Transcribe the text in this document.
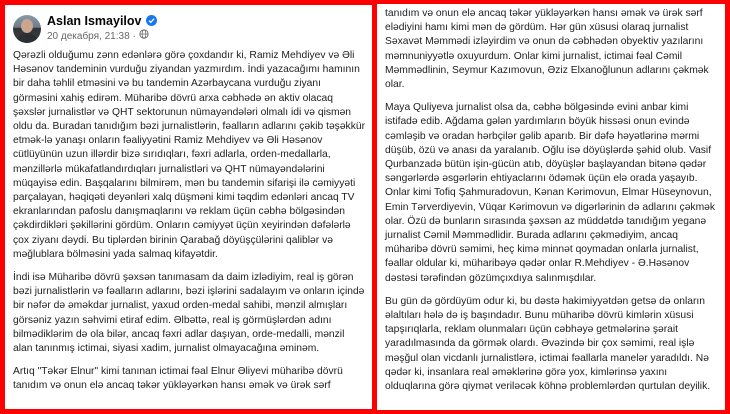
Aslan Ismayilov
20 декабря, 21:38 ·

Qərəzli olduğumu zənn edənlərə görə çoxdandır ki, Ramiz Mehdiyev və Əli Həsənov tandeminin vurduğu ziyandan yazmırdım. İndi yazacağımı hamının bir daha təhlil etməsini və bu tandemin Azərbaycana vurduğu ziyanı görməsini xahiş edirəm. Müharibə dövrü arxa cəbhədə ən aktiv olacaq şəxslər jurnalistlər və QHT sektorunun nümayəndələri olmalı idi və qismən oldu da. Buradan tanıdığım bəzi jurnalistlərin, fəalların adlarını çəkib təşəkkür etmək-lə yanaşı onların fəaliyyətini Ramiz Mehdiyev və Əli Həsənov cütlüyünün uzun illərdir bizə sırıdıqları, fəxri adlarla, orden-medallarla, mənzillərlə mükafatlandırdıqları jurnalistləri və QHT nümayəndələrini müqayisə edin. Başqalarını bilmirəm, mən bu tandemin sifarişi ilə cəmiyyəti parçalayan, həqiqəti deyənləri xalq düşməni kimi təqdim edənləri ancaq TV ekranlarından pafoslu danışmaqlarını və reklam üçün cəbhə bölgəsindən çəkdirdikləri şəkillərini gördüm. Onların cəmiyyət üçün xeyirindən dəfələrlə çox ziyanı dəydi. Bu tiplərdən birinin Qarabağ döyüşçülərini qaliblər və məğlublara bölməsini yada salmaq kifayətdir.

İndi isə Müharibə dövrü şəxsən tanımasam da daim izlədiyim, real iş görən bəzi jurnalistlərin və fəalların adlarını, bəzi işlərini sadalayım və onların içində bir nəfər də əməkdar jurnalist, yaxud orden-medal sahibi, mənzil almışları görsəniz yazın səhvimi etiraf edim. Əlbəttə, real iş görmüşlərdən adını bilmədiklərim də ola bilər, ancaq fəxri adlar daşıyan, orde-medalli, mənzil alan tanınmış ictimai, siyasi xadim, jurnalist olmayacağına əminəm.

Artıq "Təkər Elnur" kimi tanınan ictimai fəal Elnur Əliyevi müharibə dövrü tanıdım və onun elə ancaq təkər yükləyərkən hansı əmək və ürək sərf

tanıdım və onun elə ancaq təkər yükləyərkən hansı əmək və ürək sərf elədiyini hamı kimi mən də gördüm. Hər gün xüsusi olaraq jurnalist Səxavət Məmmədi izləyirdim və onun də cəbhədən obyektiv yazılarını məmnuniyyətlə oxuyurdum. Onlar kimi jurnalist, ictimai fəal Cəmil Məmmədlinin, Seymur Kazımovun, Əziz Elxanoğlunun adlarını çəkmək olar.

Maya Quliyeva jurnalist olsa da, cəbhə bölgəsində evini anbar kimi istifadə edib. Ağdama gələn yardımların böyük hissəsi onun evində cəmləşib və oradan hərbçilər gəlib aparıb. Bir dəfə həyətlərinə mərmi düşüb, özü və anası da yaralanıb. Oğlu isə döyüşlərdə şəhid olub. Vasif Qurbanzadə bütün işin-gücün atıb, döyüşlər başlayandan bitənə qədər səngərlərdə əsgərlərin ehtiyaclarını ödəmək üçün elə orada yaşayıb. Onlar kimi Tofiq Şahmuradovun, Kənan Kərimovun, Elmar Hüseynovun, Emin Tərverdiyevin, Vüqar Kərimovun və digərlərinin də adlarını çəkmək olar. Özü də bunların sırasında şəxsən az müddətdə tanıdığım yeganə jurnalist Cəmil Məmmədlidir. Burada adlarını çəkmədiyim, ancaq müharibə dövrü səmimi, heç kimə minnət qoymadan onlarla jurnalist, fəallar oldular ki, müharibəyə qədər onlar R.Mehdiyev - Ə.Həsənov dəstəsi tərəfindən gözümçıxdıya salınmışdılar.

Bu gün də gördüyüm odur ki, bu dəstə hakimiyyətdən getsə də onların əlaltıları hələ də iş başındadır. Bunu müharibə dövrü kimlərin xüsusi tapşırıqlarla, reklam olunmaları üçün cəbhəyə getmələrinə şərait yaradılmasında da görmək olardı. Əvəzində bir çox səmimi, real işlə məşğul olan vicdanlı jurnalistlərə, ictimai fəallarla manelər yaradıldı. Nə qədər ki, insanlara real əməklərinə görə yox, kimlərinsə yaxını olduqlarına görə qiymət veriləcək köhnə problemlərdən qurtulan deyilik.
